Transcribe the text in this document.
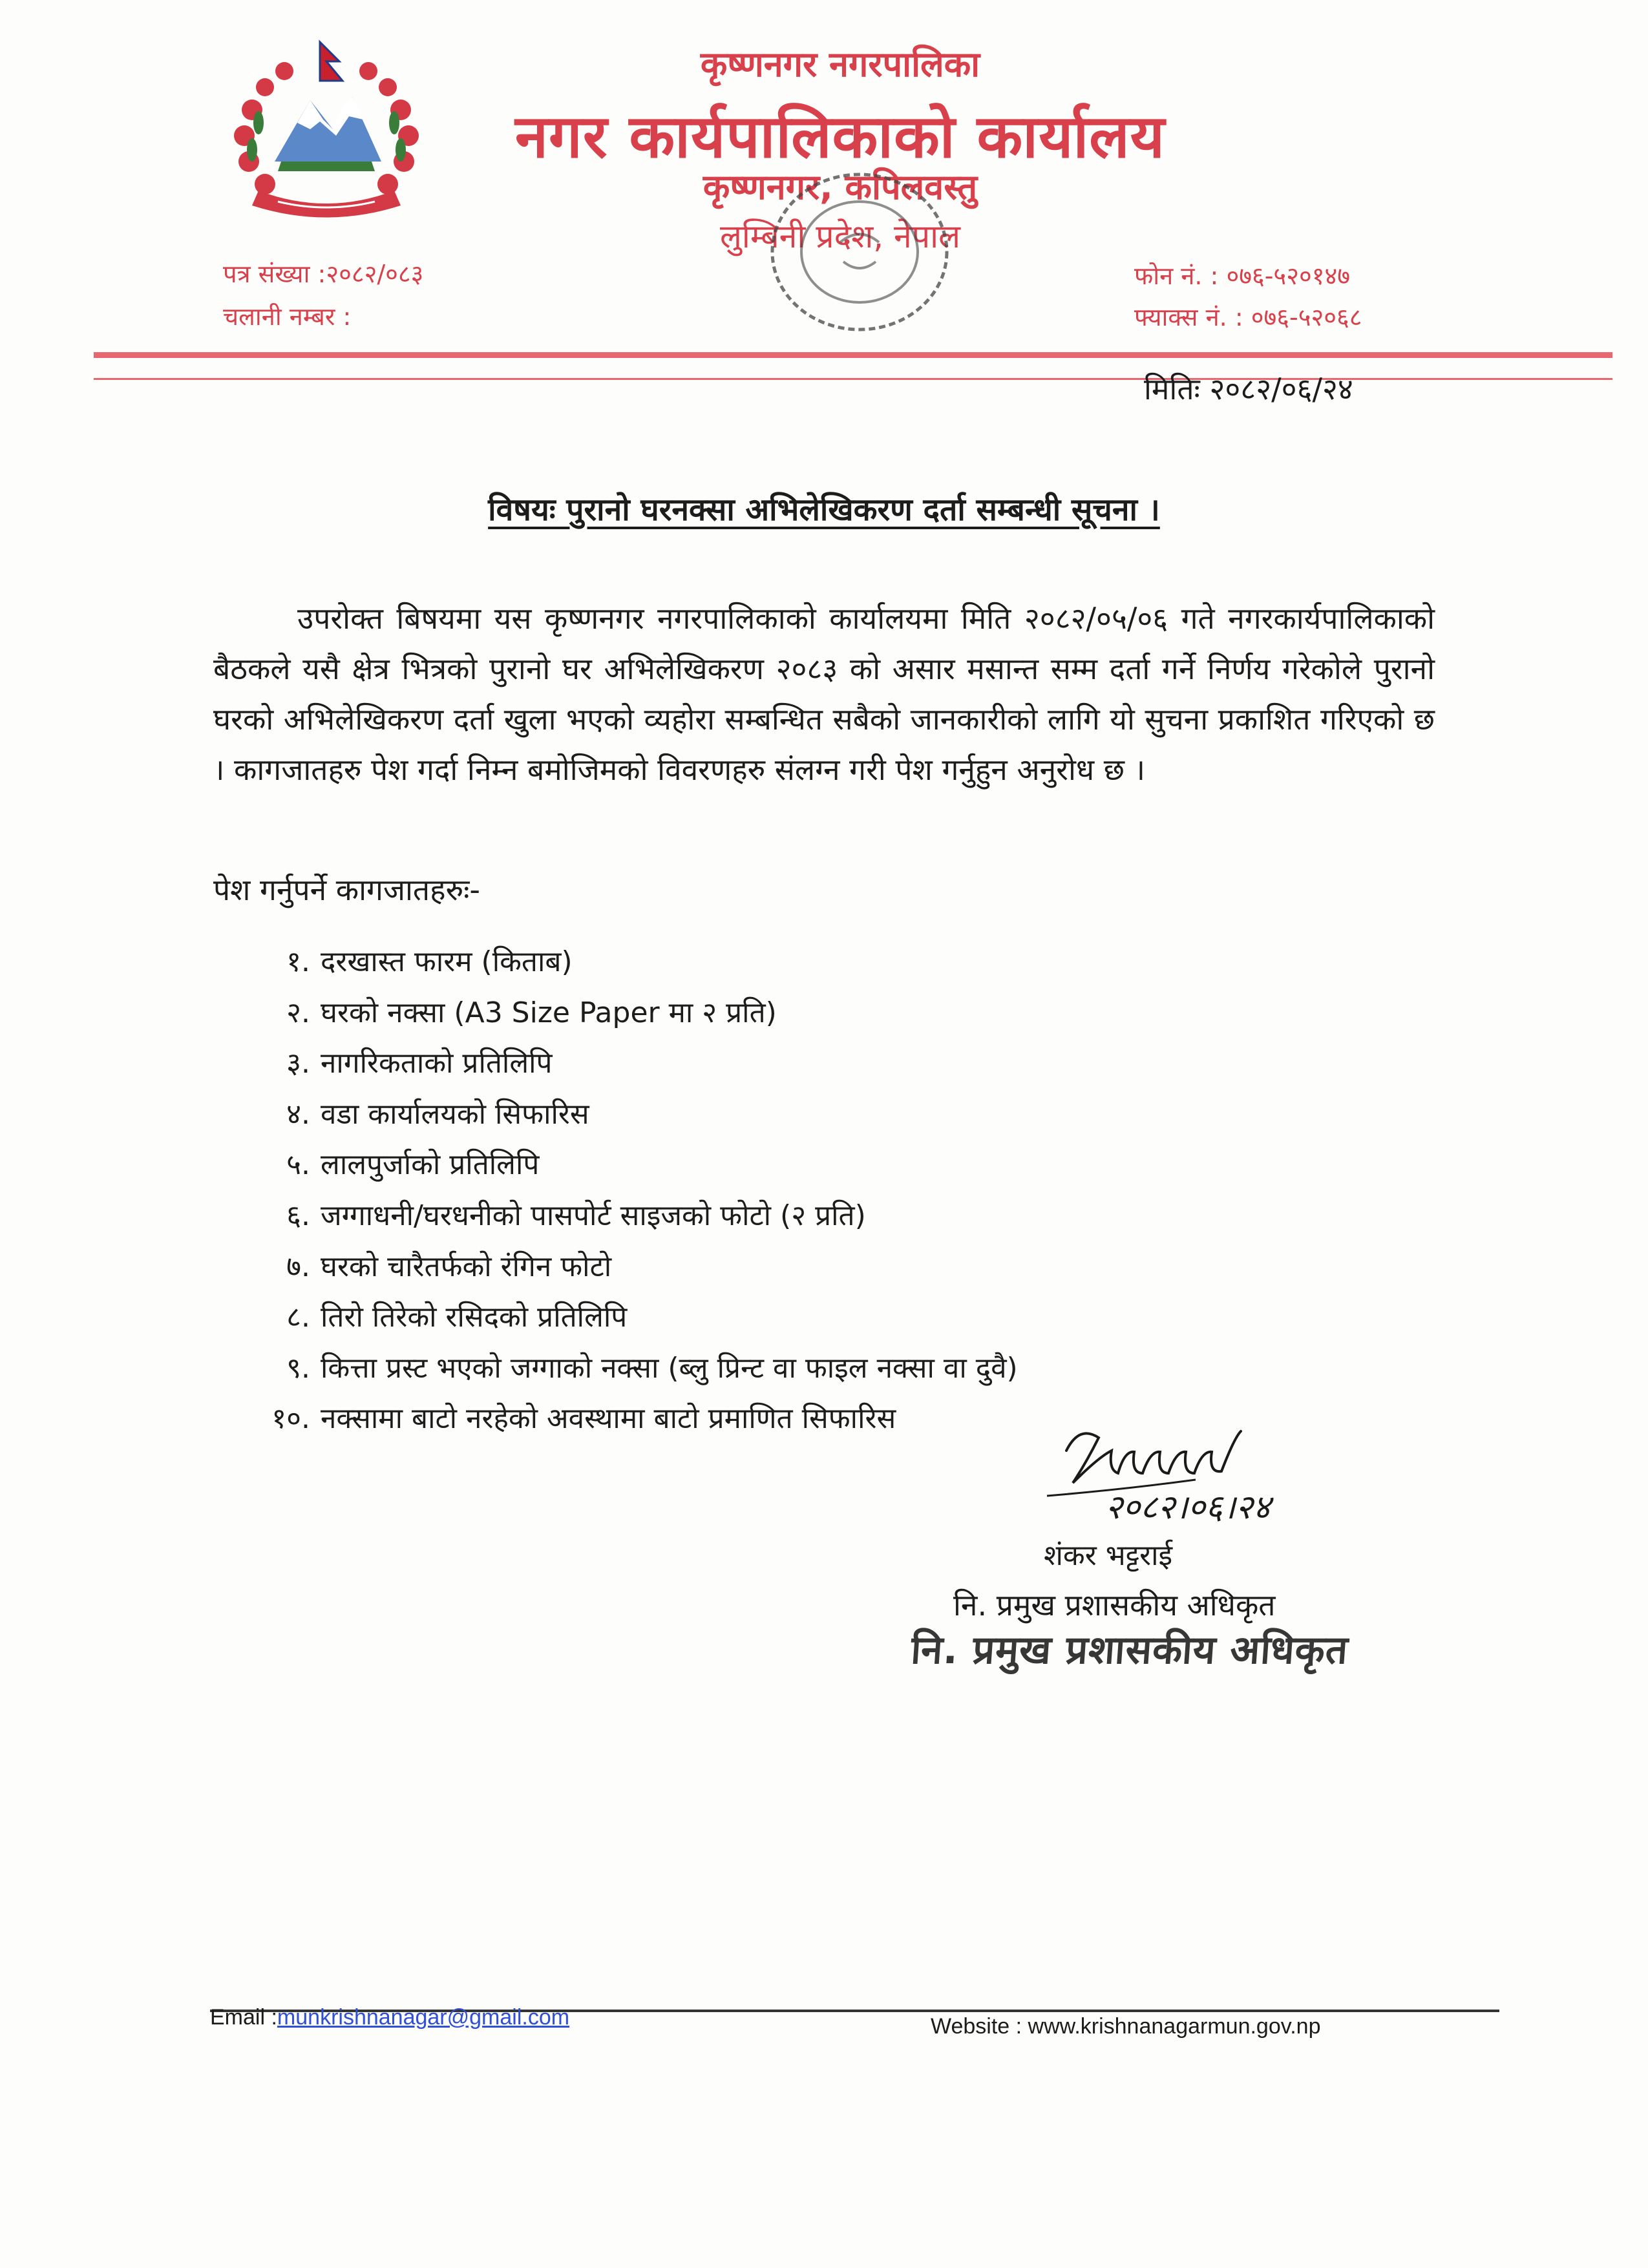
कृष्णनगर नगरपालिका
नगर कार्यपालिकाको कार्यालय
कृष्णनगर, कपिलवस्तु
लुम्बिनी प्रदेश, नेपाल
पत्र संख्या :२०८२/०८३
चलानी नम्बर :
फोन नं. : ०७६-५२०१४७
फ्याक्स नं. : ०७६-५२०६८
मितिः २०८२/०६/२४
विषयः पुरानो घरनक्सा अभिलेखिकरण दर्ता सम्बन्धी सूचना ।
उपरोक्त बिषयमा यस कृष्णनगर नगरपालिकाको कार्यालयमा मिति २०८२/०५/०६ गते नगरकार्यपालिकाको बैठकले यसै क्षेत्र भित्रको पुरानो घर अभिलेखिकरण २०८३ को असार मसान्त सम्म दर्ता गर्ने निर्णय गरेकोले पुरानो घरको अभिलेखिकरण दर्ता खुला भएको व्यहोरा सम्बन्धित सबैको जानकारीको लागि यो सुचना प्रकाशित गरिएको छ । कागजातहरु पेश गर्दा निम्न बमोजिमको विवरणहरु संलग्न गरी पेश गर्नुहुन अनुरोध छ ।
पेश गर्नुपर्ने कागजातहरुः-
१. दरखास्त फारम (किताब)
२. घरको नक्सा (A3 Size Paper मा २ प्रति)
३. नागरिकताको प्रतिलिपि
४. वडा कार्यालयको सिफारिस
५. लालपुर्जाको प्रतिलिपि
६. जग्गाधनी/घरधनीको पासपोर्ट साइजको फोटो (२ प्रति)
७. घरको चारैतर्फको रंगिन फोटो
८. तिरो तिरेको रसिदको प्रतिलिपि
९. कित्ता प्रस्ट भएको जग्गाको नक्सा (ब्लु प्रिन्ट वा फाइल नक्सा वा दुवै)
१०. नक्सामा बाटो नरहेको अवस्थामा बाटो प्रमाणित सिफारिस
२०८२।०६।२४
शंकर भट्टराई
नि. प्रमुख प्रशासकीय अधिकृत
नि. प्रमुख प्रशासकीय अधिकृत
Email :munkrishnanagar@gmail.com	Website : www.krishnanagarmun.gov.np
